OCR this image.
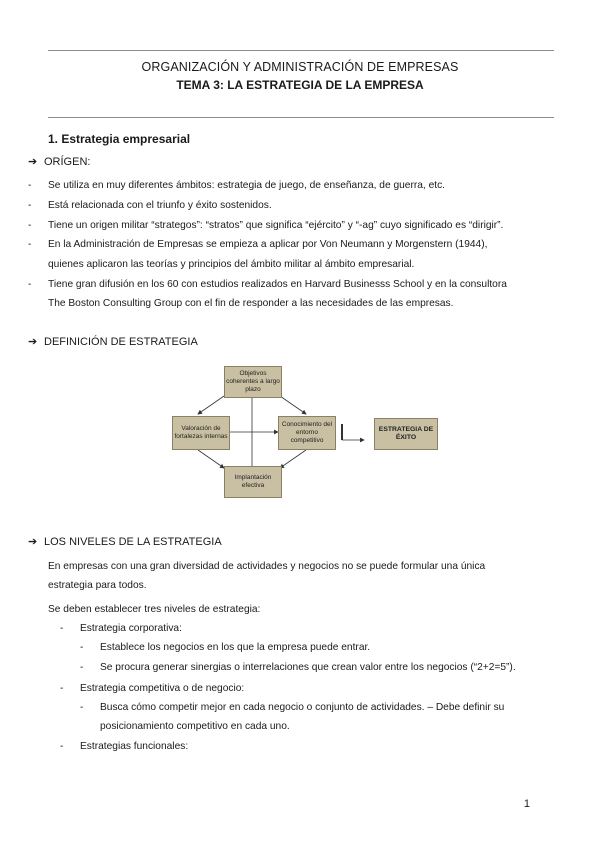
ORGANIZACIÓN Y ADMINISTRACIÓN DE EMPRESAS
TEMA 3: LA ESTRATEGIA DE LA EMPRESA
1. Estrategia empresarial
➔ ORÍGEN:
- Se utiliza en muy diferentes ámbitos: estrategia de juego, de enseñanza, de guerra, etc.
- Está relacionada con el triunfo y éxito sostenidos.
- Tiene un origen militar “strategos”: “stratos” que significa “ejército” y “-ag” cuyo significado es “dirigir”.
- En la Administración de Empresas se empieza a aplicar por Von Neumann y Morgenstern (1944),
quienes aplicaron las teorías y principios del ámbito militar al ámbito empresarial.
- Tiene gran difusión en los 60 con estudios realizados en Harvard Businesss School y en la consultora
The Boston Consulting Group con el fin de responder a las necesidades de las empresas.
➔ DEFINICIÓN DE ESTRATEGIA
Objetivos coherentes a largo plazo
Valoración de fortalezas internas
Conocimiento del entorno competitivo
Implantación efectiva
ESTRATEGIA DE ÉXITO
➔ LOS NIVELES DE LA ESTRATEGIA
En empresas con una gran diversidad de actividades y negocios no se puede formular una única
estrategia para todos.
Se deben establecer tres niveles de estrategia:
- Estrategia corporativa:
- Establece los negocios en los que la empresa puede entrar.
- Se procura generar sinergias o interrelaciones que crean valor entre los negocios (“2+2=5”).
- Estrategia competitiva o de negocio:
- Busca cómo competir mejor en cada negocio o conjunto de actividades. – Debe definir su
posicionamiento competitivo en cada uno.
- Estrategias funcionales:
1
